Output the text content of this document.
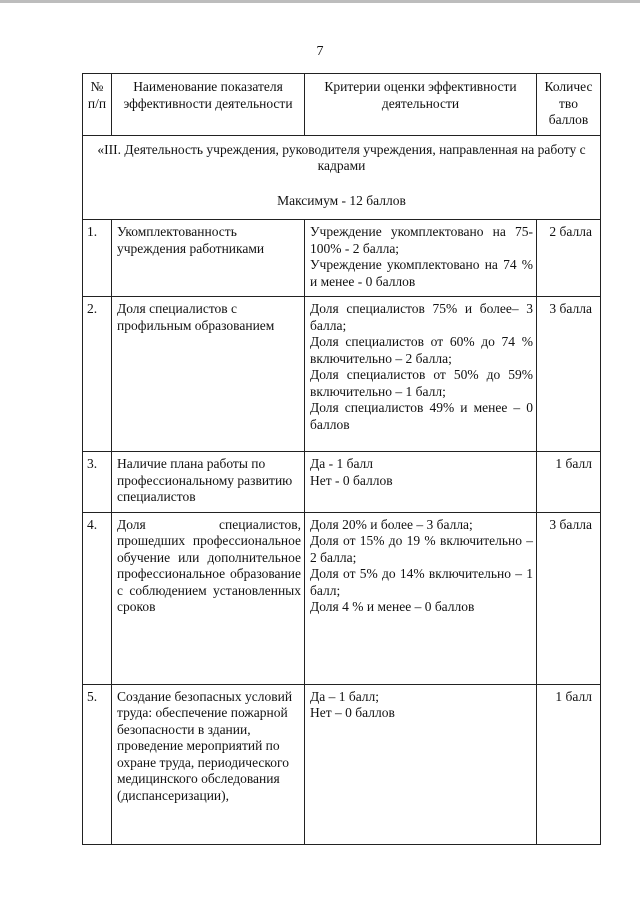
7
№ п/п	Наименование показателя эффективности деятельности	Критерии оценки эффективности деятельности	Количес тво баллов

«III. Деятельность учреждения, руководителя учреждения, направленная на работу с кадрами
Максимум - 12 баллов			

1.	Укомплектованность учреждения работниками	Учреждение укомплектовано на 75-100% - 2 балла;
Учреждение укомплектовано на 74 % и менее - 0 баллов	2 балла
2.	Доля специалистов с профильным образованием	Доля специалистов 75% и более– 3 балла;
Доля специалистов от 60% до 74 % включительно – 2 балла;
Доля специалистов от 50% до 59% включительно – 1 балл;
Доля специалистов 49% и менее – 0 баллов	3 балла
3.	Наличие плана работы по профессиональному развитию специалистов	Да - 1 балл
Нет - 0 баллов	1 балл
4.	Доля специалистов, прошедших профессиональное обучение или дополнительное профессиональное образование с соблюдением установленных сроков	Доля 20% и более – 3 балла;
Доля от 15% до 19 % включительно – 2 балла;
Доля от 5% до 14% включительно – 1 балл;
Доля 4 % и менее – 0 баллов	3 балла
5.	Создание безопасных условий труда: обеспечение пожарной безопасности в здании, проведение мероприятий по охране труда, периодического медицинского обследования (диспансеризации),	Да – 1 балл;
Нет – 0 баллов	1 балл
